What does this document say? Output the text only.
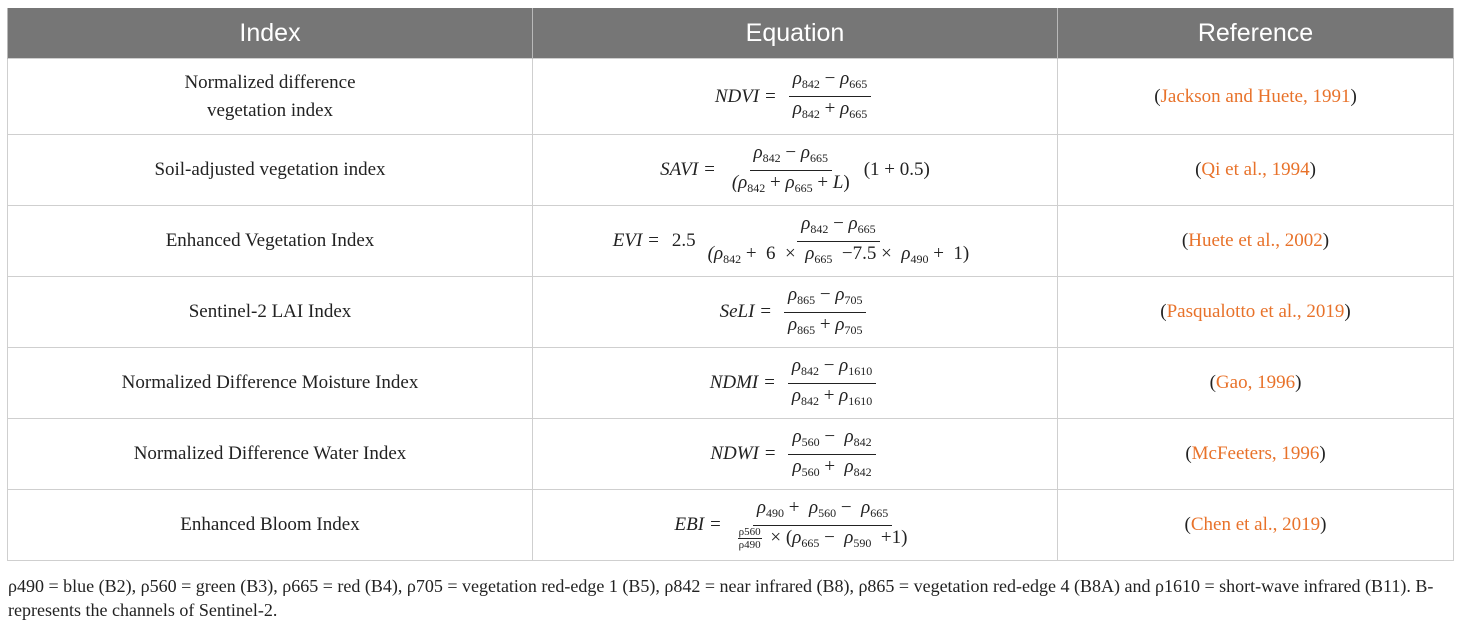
Index	Equation	Reference
Normalized difference vegetation index	NDVI = $\frac{\rho_{842} - \rho_{665}}{\rho_{842} + \rho_{665}}$	(Jackson and Huete, 1991)
Soil-adjusted vegetation index	SAVI = $\frac{\rho_{842} - \rho_{665}}{(\rho_{842} + \rho_{665} + L)} (1 + 0.5)$	(Qi et al., 1994)
Enhanced Vegetation Index	EVI = $2.5 \frac{\rho_{842} - \rho_{665}}{(\rho_{842} + 6 \times \rho_{665} -7.5 \times \rho_{490} + 1)}$	(Huete et al., 2002)
Sentinel-2 LAI Index	SeLI = $\frac{\rho_{865} - \rho_{705}}{\rho_{865} + \rho_{705}}$	(Pasqualotto et al., 2019)
Normalized Difference Moisture Index	NDMI = $\frac{\rho_{842} - \rho_{1610}}{\rho_{842} + \rho_{1610}}$	(Gao, 1996)
Normalized Difference Water Index	NDWI = $\frac{\rho_{560} - \rho_{842}}{\rho_{560} + \rho_{842}}$	(McFeeters, 1996)
Enhanced Bloom Index	EBI = $\frac{\rho_{490} + \rho_{560} - \rho_{665}}{\frac{\rho 560}{\rho 490} \times (\rho_{665} - \rho_{590} +1)}$	(Chen et al., 2019)
ρ490 = blue (B2), ρ560 = green (B3), ρ665 = red (B4), ρ705 = vegetation red-edge 1 (B5), ρ842 = near infrared (B8), ρ865 = vegetation red-edge 4 (B8A) and ρ1610 = short-wave infrared (B11). B-represents the channels of Sentinel-2.
